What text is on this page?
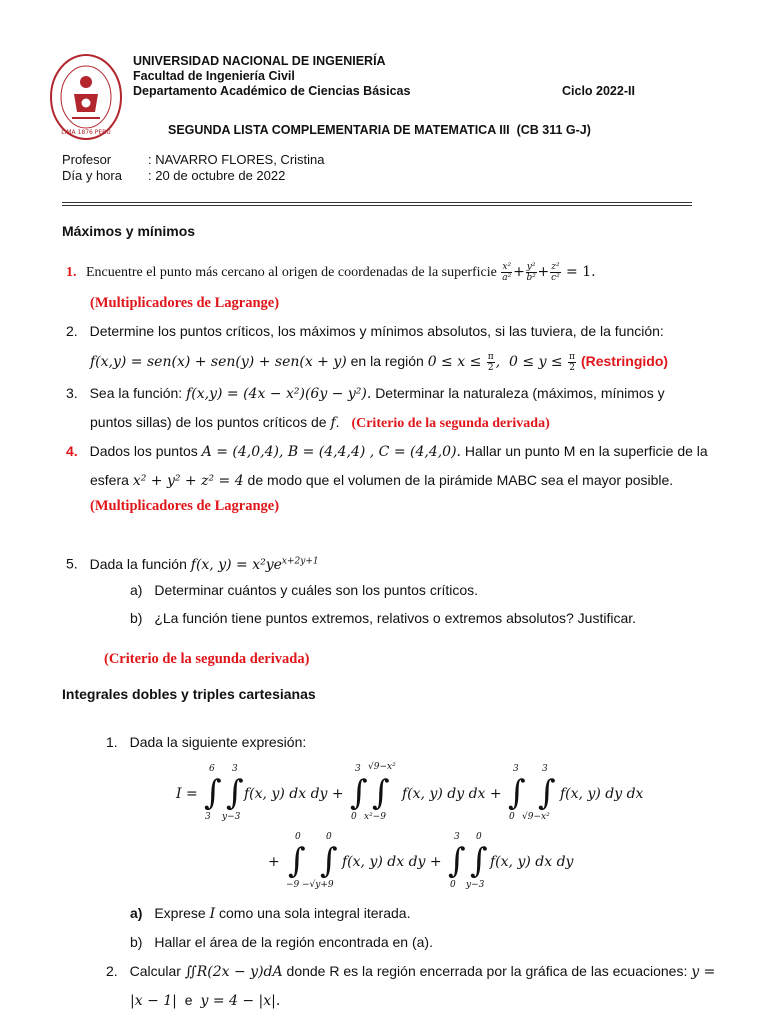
LIMA 1876 PERU
UNIVERSIDAD NACIONAL DE INGENIERÍA
Facultad de Ingeniería Civil
Departamento Académico de Ciencias Básicas	Ciclo 2022-II
SEGUNDA LISTA COMPLEMENTARIA DE MATEMATICA III  (CB 311 G-J)
Profesor	: NAVARRO FLORES, Cristina
Día y hora : 20 de octubre de 2022
Máximos y mínimos
1. Encuentre el punto más cercano al origen de coordenadas de la superficie $\frac{\text{x²}}{\text{a²}} + \frac{\text{y²}}{\text{b²}} + \frac{\text{z²}}{\text{c²}} = 1$.
(Multiplicadores de Lagrange)
2. Determine los puntos críticos, los máximos y mínimos absolutos, si las tuviera, de la función:
f(x,y) = sen(x) + sen(y) + sen(x + y) en la región $0 \le x \le \frac{\pi}{2}$ ,  $0 \le y \le \frac{\pi}{2}$ (Restringido)
3. Sea la función: f(x,y) = (4x − x²)(6y − y²). Determinar la naturaleza (máximos, mínimos y
puntos sillas) de los puntos críticos de f. (Criterio de la segunda derivada)
4. Dados los puntos A = (4,0,4), B = (4,4,4) , C = (4,4,0). Hallar un punto M en la superficie de la
esfera x² + y² + z² = 4 de modo que el volumen de la pirámide MABC sea el mayor posible.
(Multiplicadores de Lagrange)
5. Dada la función f(x, $y) = x^2ye^{x+2y+1}$
a) Determinar cuántos y cuáles son los puntos críticos.
b) ¿La función tiene puntos extremos, relativos o extremos absolutos? Justificar.
(Criterio de la segunda derivada)
Integrales dobles y triples cartesianas
1. Dada la siguiente expresión:
I = ∫
6
3
∫
3
y−3
f(x, y) dx dy + ∫
3
0
∫
√9−x²
x²−9
f(x, y) dy dx + ∫
3
0
∫
3
√9−x²
f(x, y) dy dx
+ ∫
0
−9
∫
0
−√y+9
f(x, y) dx dy + ∫
3
0
∫
0
y−3
f(x, y) dx dy
a) Exprese I como una sola integral iterada.
b) Hallar el área de la región encontrada en (a).
2. Calcular ∬R(2x − y)dA donde R es la región encerrada por la gráfica de las ecuaciones: y =
|x − 1| e y = 4 − |x|.
